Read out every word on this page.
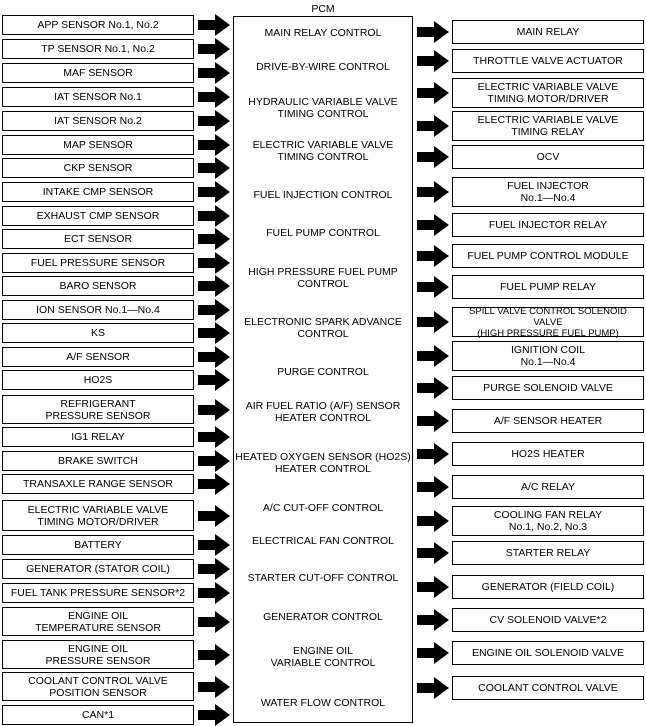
PCM
APP SENSOR No.1, No.2
TP SENSOR No.1, No.2
MAF SENSOR
IAT SENSOR No.1
IAT SENSOR No.2
MAP SENSOR
CKP SENSOR
INTAKE CMP SENSOR
EXHAUST CMP SENSOR
ECT SENSOR
FUEL PRESSURE SENSOR
BARO SENSOR
ION SENSOR No.1—No.4
KS
A/F SENSOR
HO2S
REFRIGERANT
PRESSURE SENSOR
IG1 RELAY
BRAKE SWITCH
TRANSAXLE RANGE SENSOR
ELECTRIC VARIABLE VALVE
TIMING MOTOR/DRIVER
BATTERY
GENERATOR (STATOR COIL)
FUEL TANK PRESSURE SENSOR*2
ENGINE OIL
TEMPERATURE SENSOR
ENGINE OIL
PRESSURE SENSOR
COOLANT CONTROL VALVE
POSITION SENSOR
CAN*1
MAIN RELAY
THROTTLE VALVE ACTUATOR
ELECTRIC VARIABLE VALVE
TIMING MOTOR/DRIVER
ELECTRIC VARIABLE VALVE
TIMING RELAY
OCV
FUEL INJECTOR
No.1—No.4
FUEL INJECTOR RELAY
FUEL PUMP CONTROL MODULE
FUEL PUMP RELAY
SPILL VALVE CONTROL SOLENOID VALVE
(HIGH PRESSURE FUEL PUMP)
IGNITION COIL
No.1—No.4
PURGE SOLENOID VALVE
A/F SENSOR HEATER
HO2S HEATER
A/C RELAY
COOLING FAN RELAY
No.1, No.2, No.3
STARTER RELAY
GENERATOR (FIELD COIL)
CV SOLENOID VALVE*2
ENGINE OIL SOLENOID VALVE
COOLANT CONTROL VALVE
MAIN RELAY CONTROL
DRIVE-BY-WIRE CONTROL
HYDRAULIC VARIABLE VALVE
TIMING CONTROL
ELECTRIC VARIABLE VALVE
TIMING CONTROL
FUEL INJECTION CONTROL
FUEL PUMP CONTROL
HIGH PRESSURE FUEL PUMP
CONTROL
ELECTRONIC SPARK ADVANCE
CONTROL
PURGE CONTROL
AIR FUEL RATIO (A/F) SENSOR
HEATER CONTROL
HEATED OXYGEN SENSOR (HO2S)
HEATER CONTROL
A/C CUT-OFF CONTROL
ELECTRICAL FAN CONTROL
STARTER CUT-OFF CONTROL
GENERATOR CONTROL
ENGINE OIL
VARIABLE CONTROL
WATER FLOW CONTROL
